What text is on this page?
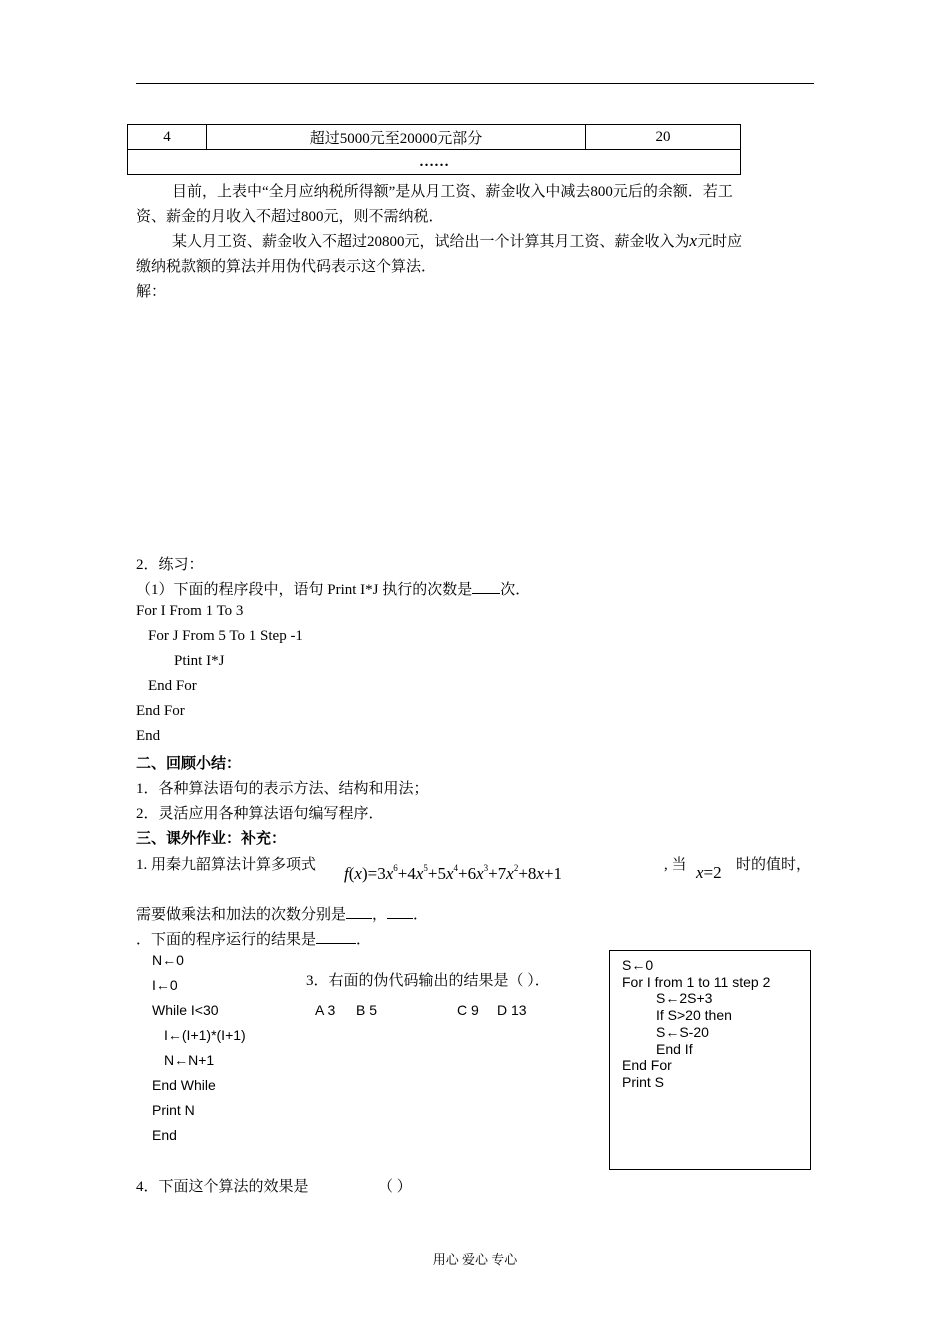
4	超过5000元至20000元部分	20
……
目前，上表中“全月应纳税所得额”是从月工资、薪金收入中减去800元后的余额．若工
资、薪金的月收入不超过800元，则不需纳税．
某人月工资、薪金收入不超过20800元，试给出一个计算其月工资、薪金收入为x元时应
缴纳税款额的算法并用伪代码表示这个算法．
解：
2．练习：
（1）下面的程序段中，语句 Print I*J 执行的次数是 次．
For I From 1 To 3
For J From 5 To 1 Step -1
Ptint I*J
End For
End For
End
二、回顾小结：
1．各种算法语句的表示方法、结构和用法；
2．灵活应用各种算法语句编写程序．
三、课外作业：补充：
1. 用秦九韶算法计算多项式 $f(x)=3x^6+4x^5+5x^4+6x^3+7x^2+8x+1$	, 当 x=2 时的值时，
需要做乘法和加法的次数分别是 ， ．
．下面的程序运行的结果是	．
N←0
I←0
While I<30
I←(I+1)*(I+1)
N←N+1
End While
Print N
End
3．右面的伪代码输出的结果是（ ）．
A 3 B 5	C 9 D 13
S←0
For I from 1 to 11 step 2
S←2S+3
If S>20 then
S←S-20
End If
End For
Print S
4．下面这个算法的效果是	（ ）
用心 爱心 专心
